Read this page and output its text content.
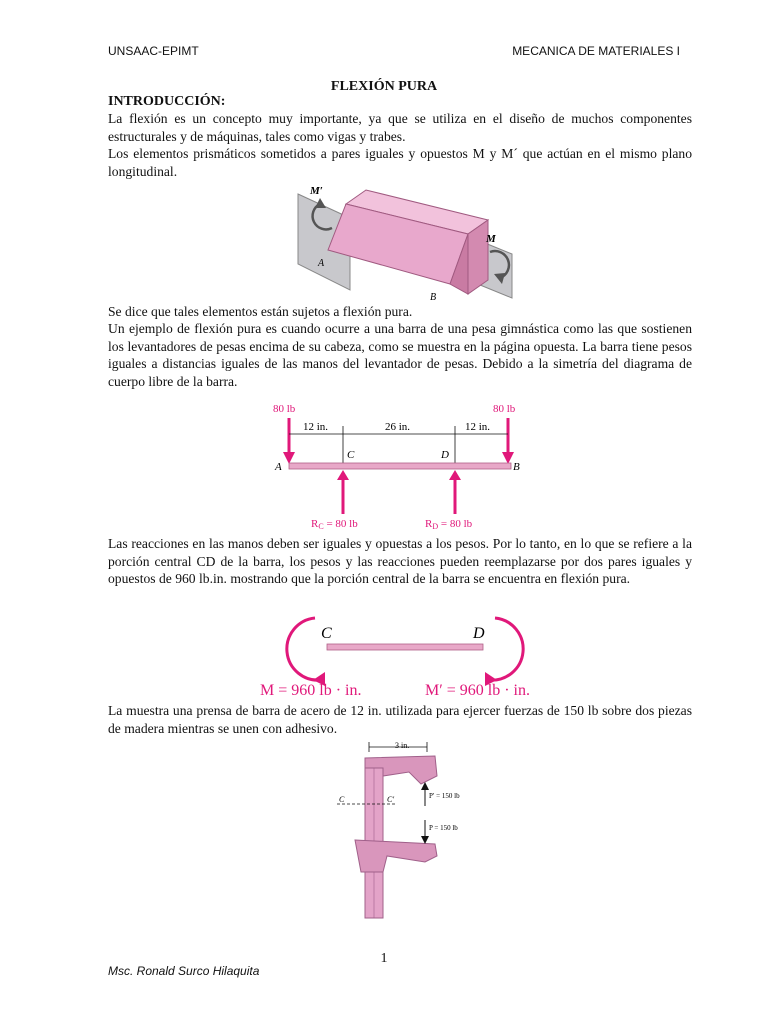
UNSAAC-EPIMT	MECANICA DE MATERIALES I
FLEXIÓN PURA
INTRODUCCIÓN:
La flexión es un concepto muy importante, ya que se utiliza en el diseño de muchos componentes estructurales y de máquinas, tales como vigas y trabes.
Los elementos prismáticos sometidos a pares iguales y opuestos M y M´ que actúan en el mismo plano longitudinal.
M′
M
A
B
Se dice que tales elementos están sujetos a flexión pura.
Un ejemplo de flexión pura es cuando ocurre a una barra de una pesa gimnástica como las que sostienen los levantadores de pesas encima de su cabeza, como se muestra en la página opuesta. La barra tiene pesos iguales a distancias iguales de las manos del levantador de pesas. Debido a la simetría del diagrama de cuerpo libre de la barra.
80 lb	80 lb
12 in.	26 in.	12 in.
A
C	D
B
RC = 80 lb	RD = 80 lb
Las reacciones en las manos deben ser iguales y opuestas a los pesos. Por lo tanto, en lo que se refiere a la porción central CD de la barra, los pesos y las reacciones pueden reemplazarse por dos pares iguales y opuestos de 960 lb.in. mostrando que la porción central de la barra se encuentra en flexión pura.
C	D
M = 960 lb · in.	M′ = 960 lb · in.
La muestra una prensa de barra de acero de 12 in. utilizada para ejercer fuerzas de 150 lb sobre dos piezas de madera mientras se unen con adhesivo.
3 in.
P′ = 150 lb
P = 150 lb
C	C′
1
Msc. Ronald Surco Hilaquita
